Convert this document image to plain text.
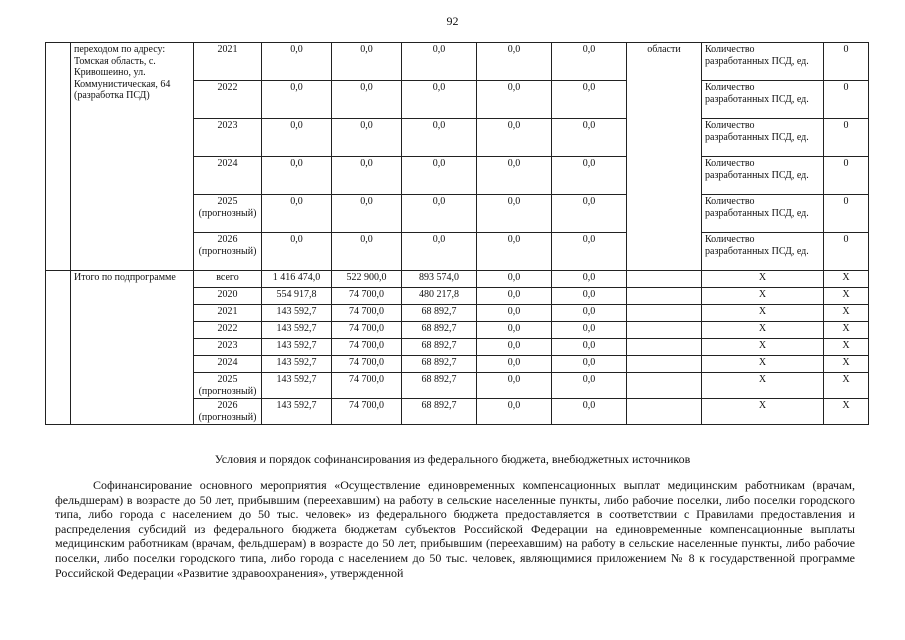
92
	переходом по адресу: Томская область, с. Кривошеино, ул. Коммунистическая, 64 (разработка ПСД)	2021	0,0	0,0	0,0	0,0	0,0	области	Количество разработанных ПСД, ед.	0
		2022	0,0	0,0	0,0	0,0	0,0		Количество разработанных ПСД, ед.	0
		2023	0,0	0,0	0,0	0,0	0,0		Количество разработанных ПСД, ед.	0
		2024	0,0	0,0	0,0	0,0	0,0		Количество разработанных ПСД, ед.	0
		2025 (прогнозный)	0,0	0,0	0,0	0,0	0,0		Количество разработанных ПСД, ед.	0
		2026 (прогнозный)	0,0	0,0	0,0	0,0	0,0		Количество разработанных ПСД, ед.	0
	Итого по подпрограмме	всего	1 416 474,0	522 900,0	893 574,0	0,0	0,0		Х	Х
		2020	554 917,8	74 700,0	480 217,8	0,0	0,0		Х	Х
		2021	143 592,7	74 700,0	68 892,7	0,0	0,0		Х	Х
		2022	143 592,7	74 700,0	68 892,7	0,0	0,0		Х	Х
		2023	143 592,7	74 700,0	68 892,7	0,0	0,0		Х	Х
		2024	143 592,7	74 700,0	68 892,7	0,0	0,0		Х	Х
		2025 (прогнозный)	143 592,7	74 700,0	68 892,7	0,0	0,0		Х	Х
		2026 (прогнозный)	143 592,7	74 700,0	68 892,7	0,0	0,0		Х	Х
Условия и порядок софинансирования из федерального бюджета, внебюджетных источников

Софинансирование основного мероприятия «Осуществление единовременных компенсационных выплат медицинским работникам (врачам, фельдшерам) в возрасте до 50 лет, прибывшим (переехавшим) на работу в сельские населенные пункты, либо рабочие поселки, либо поселки городского типа, либо города с населением до 50 тыс. человек» из федерального бюджета предоставляется в соответствии с Правилами предоставления и распределения субсидий из федерального бюджета бюджетам субъектов Российской Федерации на единовременные компенсационные выплаты медицинским работникам (врачам, фельдшерам) в возрасте до 50 лет, прибывшим (переехавшим) на работу в сельские населенные пункты, либо рабочие поселки, либо поселки городского типа, либо города с населением до 50 тыс. человек, являющимися приложением № 8 к государственной программе Российской Федерации «Развитие здравоохранения», утвержденной
